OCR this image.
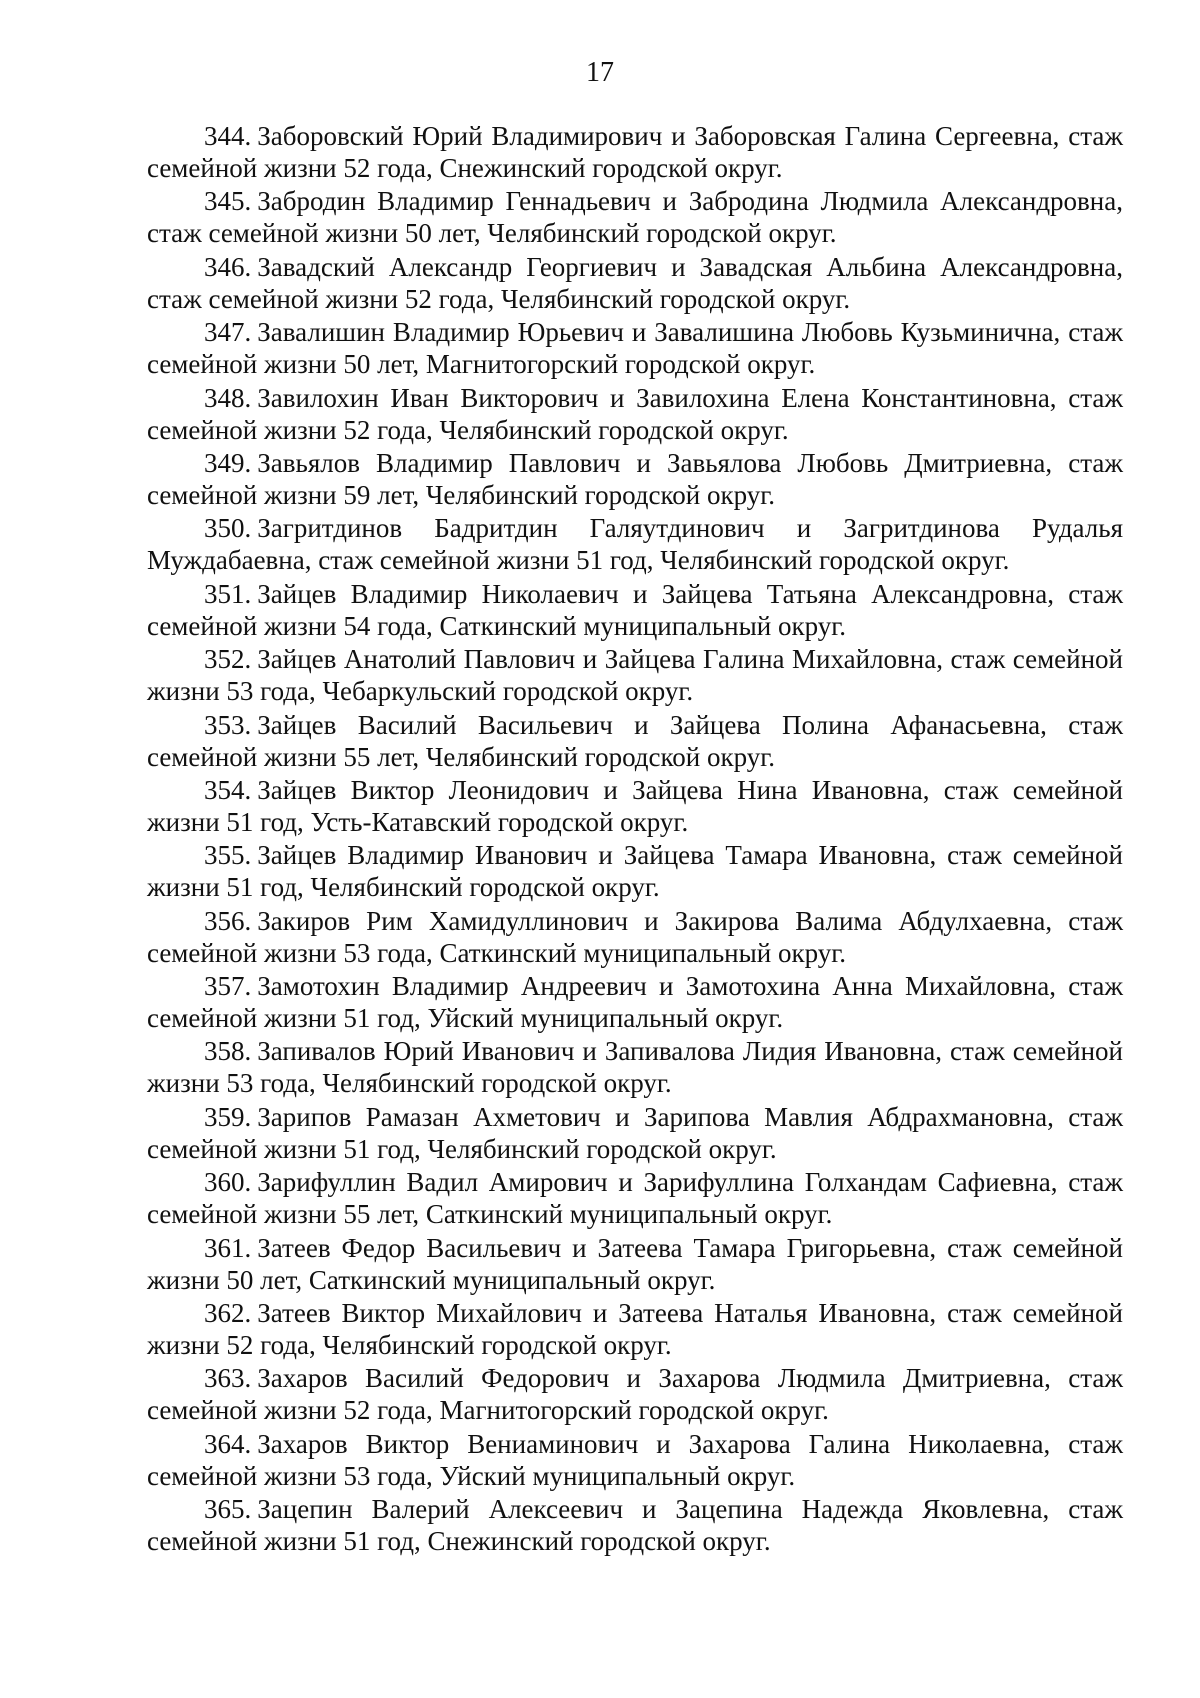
17
344. Заборовский Юрий Владимирович и Заборовская Галина Сергеевна, стаж семейной жизни 52 года, Снежинский городской округ.
345. Забродин Владимир Геннадьевич и Забродина Людмила Александровна, стаж семейной жизни 50 лет, Челябинский городской округ.
346. Завадский Александр Георгиевич и Завадская Альбина Александровна, стаж семейной жизни 52 года, Челябинский городской округ.
347. Завалишин Владимир Юрьевич и Завалишина Любовь Кузьминична, стаж семейной жизни 50 лет, Магнитогорский городской округ.
348. Завилохин Иван Викторович и Завилохина Елена Константиновна, стаж семейной жизни 52 года, Челябинский городской округ.
349. Завьялов Владимир Павлович и Завьялова Любовь Дмитриевна, стаж семейной жизни 59 лет, Челябинский городской округ.
350. Загритдинов Бадритдин Галяутдинович и Загритдинова Рудалья Муждабаевна, стаж семейной жизни 51 год, Челябинский городской округ.
351. Зайцев Владимир Николаевич и Зайцева Татьяна Александровна, стаж семейной жизни 54 года, Саткинский муниципальный округ.
352. Зайцев Анатолий Павлович и Зайцева Галина Михайловна, стаж семейной жизни 53 года, Чебаркульский городской округ.
353. Зайцев Василий Васильевич и Зайцева Полина Афанасьевна, стаж семейной жизни 55 лет, Челябинский городской округ.
354. Зайцев Виктор Леонидович и Зайцева Нина Ивановна, стаж семейной жизни 51 год, Усть-Катавский городской округ.
355. Зайцев Владимир Иванович и Зайцева Тамара Ивановна, стаж семейной жизни 51 год, Челябинский городской округ.
356. Закиров Рим Хамидуллинович и Закирова Валима Абдулхаевна, стаж семейной жизни 53 года, Саткинский муниципальный округ.
357. Замотохин Владимир Андреевич и Замотохина Анна Михайловна, стаж семейной жизни 51 год, Уйский муниципальный округ.
358. Запивалов Юрий Иванович и Запивалова Лидия Ивановна, стаж семейной жизни 53 года, Челябинский городской округ.
359. Зарипов Рамазан Ахметович и Зарипова Мавлия Абдрахмановна, стаж семейной жизни 51 год, Челябинский городской округ.
360. Зарифуллин Вадил Амирович и Зарифуллина Голхандам Сафиевна, стаж семейной жизни 55 лет, Саткинский муниципальный округ.
361. Затеев Федор Васильевич и Затеева Тамара Григорьевна, стаж семейной жизни 50 лет, Саткинский муниципальный округ.
362. Затеев Виктор Михайлович и Затеева Наталья Ивановна, стаж семейной жизни 52 года, Челябинский городской округ.
363. Захаров Василий Федорович и Захарова Людмила Дмитриевна, стаж семейной жизни 52 года, Магнитогорский городской округ.
364. Захаров Виктор Вениаминович и Захарова Галина Николаевна, стаж семейной жизни 53 года, Уйский муниципальный округ.
365. Зацепин Валерий Алексеевич и Зацепина Надежда Яковлевна, стаж семейной жизни 51 год, Снежинский городской округ.
